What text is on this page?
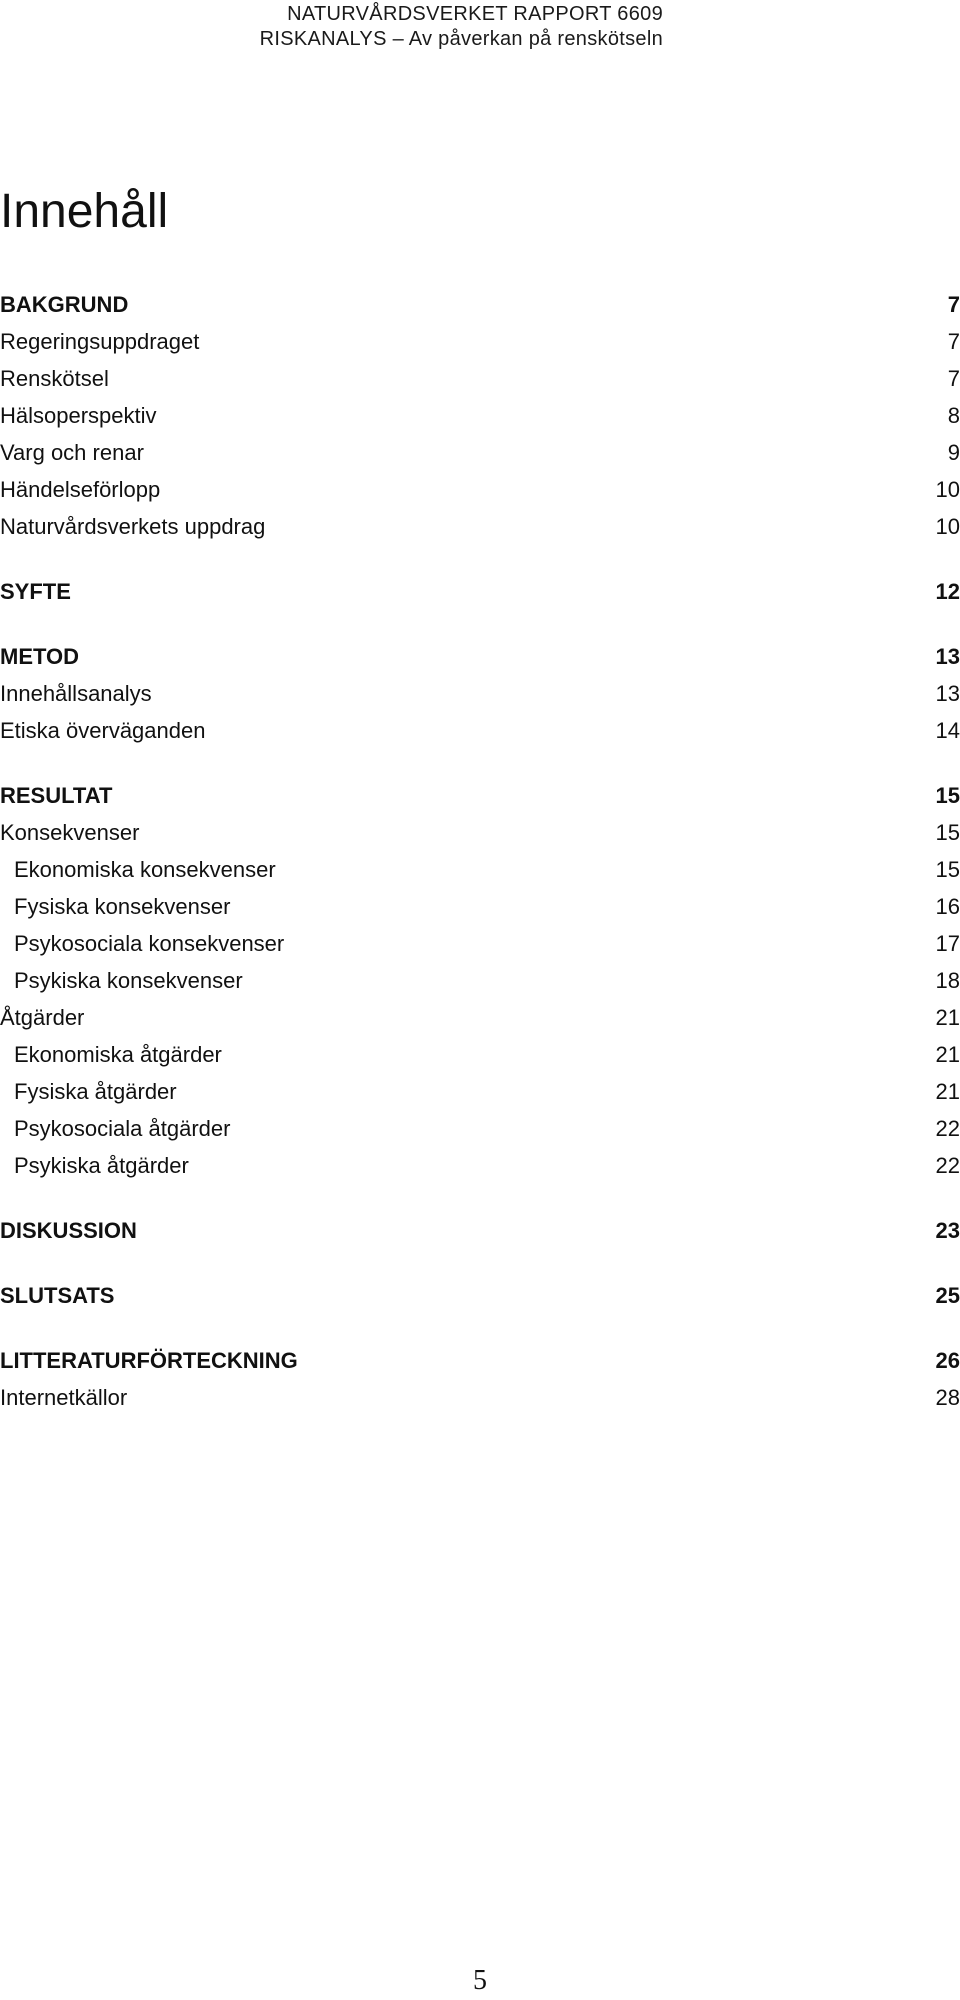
NATURVÅRDSVERKET RAPPORT 6609
RISKANALYS – Av påverkan på renskötseln
Innehåll
BAKGRUND	7
Regeringsuppdraget	7
Renskötsel	7
Hälsoperspektiv	8
Varg och renar	9
Händelseförlopp	10
Naturvårdsverkets uppdrag	10
SYFTE	12
METOD	13
Innehållsanalys	13
Etiska överväganden	14
RESULTAT	15
Konsekvenser	15
Ekonomiska konsekvenser	15
Fysiska konsekvenser	16
Psykosociala konsekvenser	17
Psykiska konsekvenser	18
Åtgärder	21
Ekonomiska åtgärder	21
Fysiska åtgärder	21
Psykosociala åtgärder	22
Psykiska åtgärder	22
DISKUSSION	23
SLUTSATS	25
LITTERATURFÖRTECKNING	26
Internetkällor	28
5
